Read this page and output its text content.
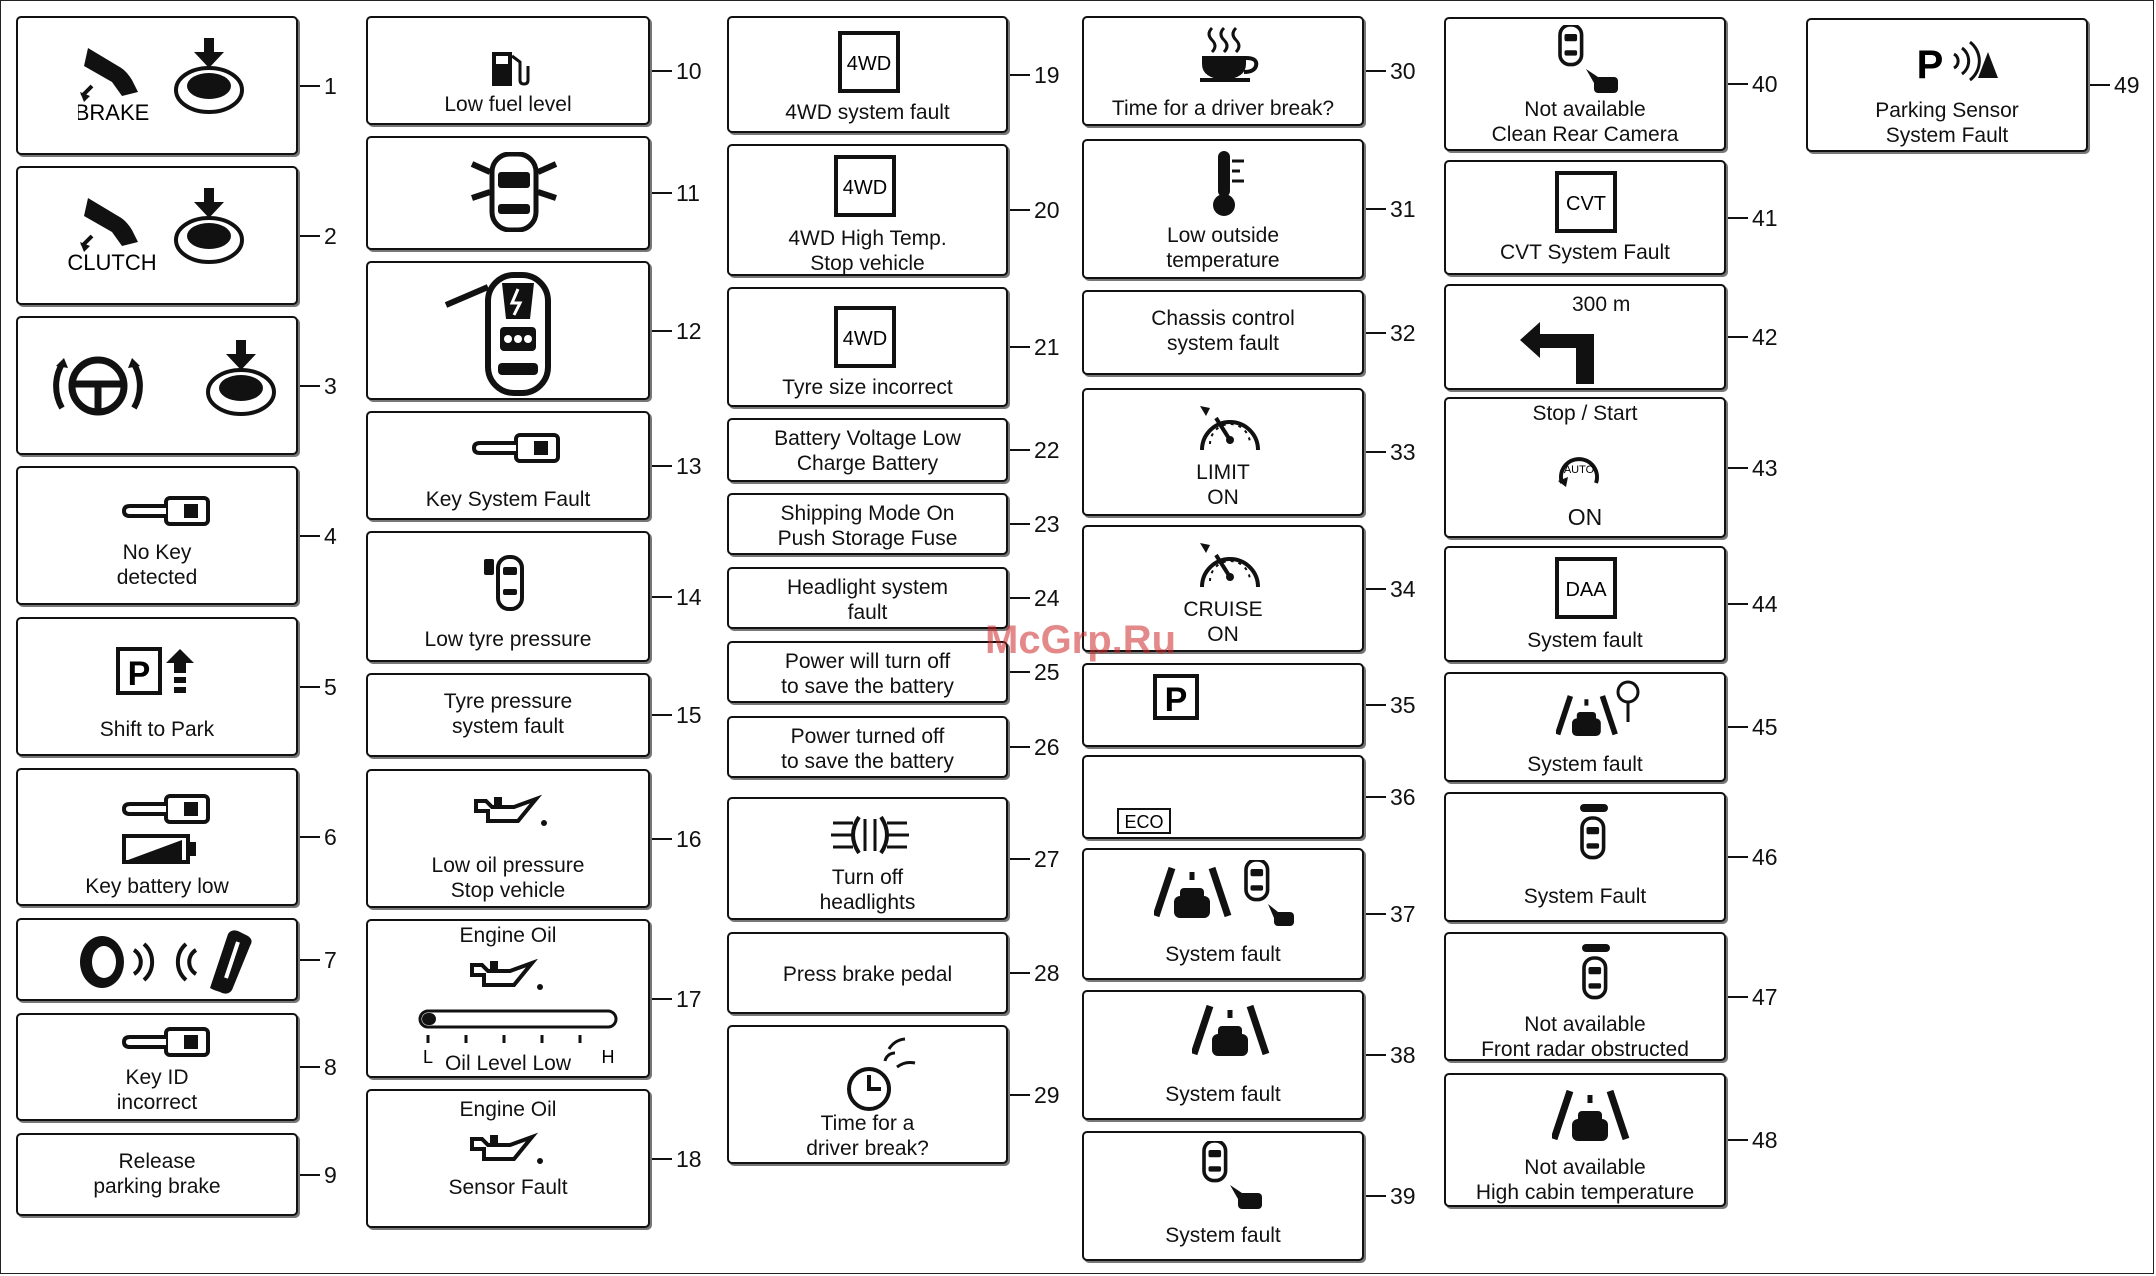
BRAKE
1
CLUTCH
2
3
No Key
detected
4
P
Shift to Park
5
Key battery low
6
7
Key ID
incorrect
8
Release
parking brake	9
Low fuel level
10
11
12
Key System Fault
13
Low tyre pressure
14
Tyre pressure
system fault	15
Low oil pressure
Stop vehicle
16
L	H
Engine Oil
Oil Level Low
17
Engine Oil
Sensor Fault
18
4WD
4WD system fault
19
4WD
4WD High Temp.
Stop vehicle
20
4WD
Tyre size incorrect
21
Battery Voltage Low
Charge Battery
22
Shipping Mode On
Push Storage Fuse
23
Headlight system
fault
24
Power will turn off
to save the battery
25
Power turned off
to save the battery
26
Turn off
headlights
27
Press brake pedal	28
Time for a
driver break?
29
Time for a driver break?
30
Low outside
temperature
31
Chassis control
system fault	32
LIMIT
ON
33
CRUISE
ON
34
P	35
ECO
36
System fault
37
System fault
38
System fault
39
Not available
Clean Rear Camera
40
CVT
CVT System Fault
41
300 m
42
AUTO
Stop / Start
ON
43
DAA
System fault
44
System fault
45
System Fault
46
Not available
Front radar obstructed
47
Not available
High cabin temperature
48
P
Parking Sensor
System Fault
49
McGrp.Ru
